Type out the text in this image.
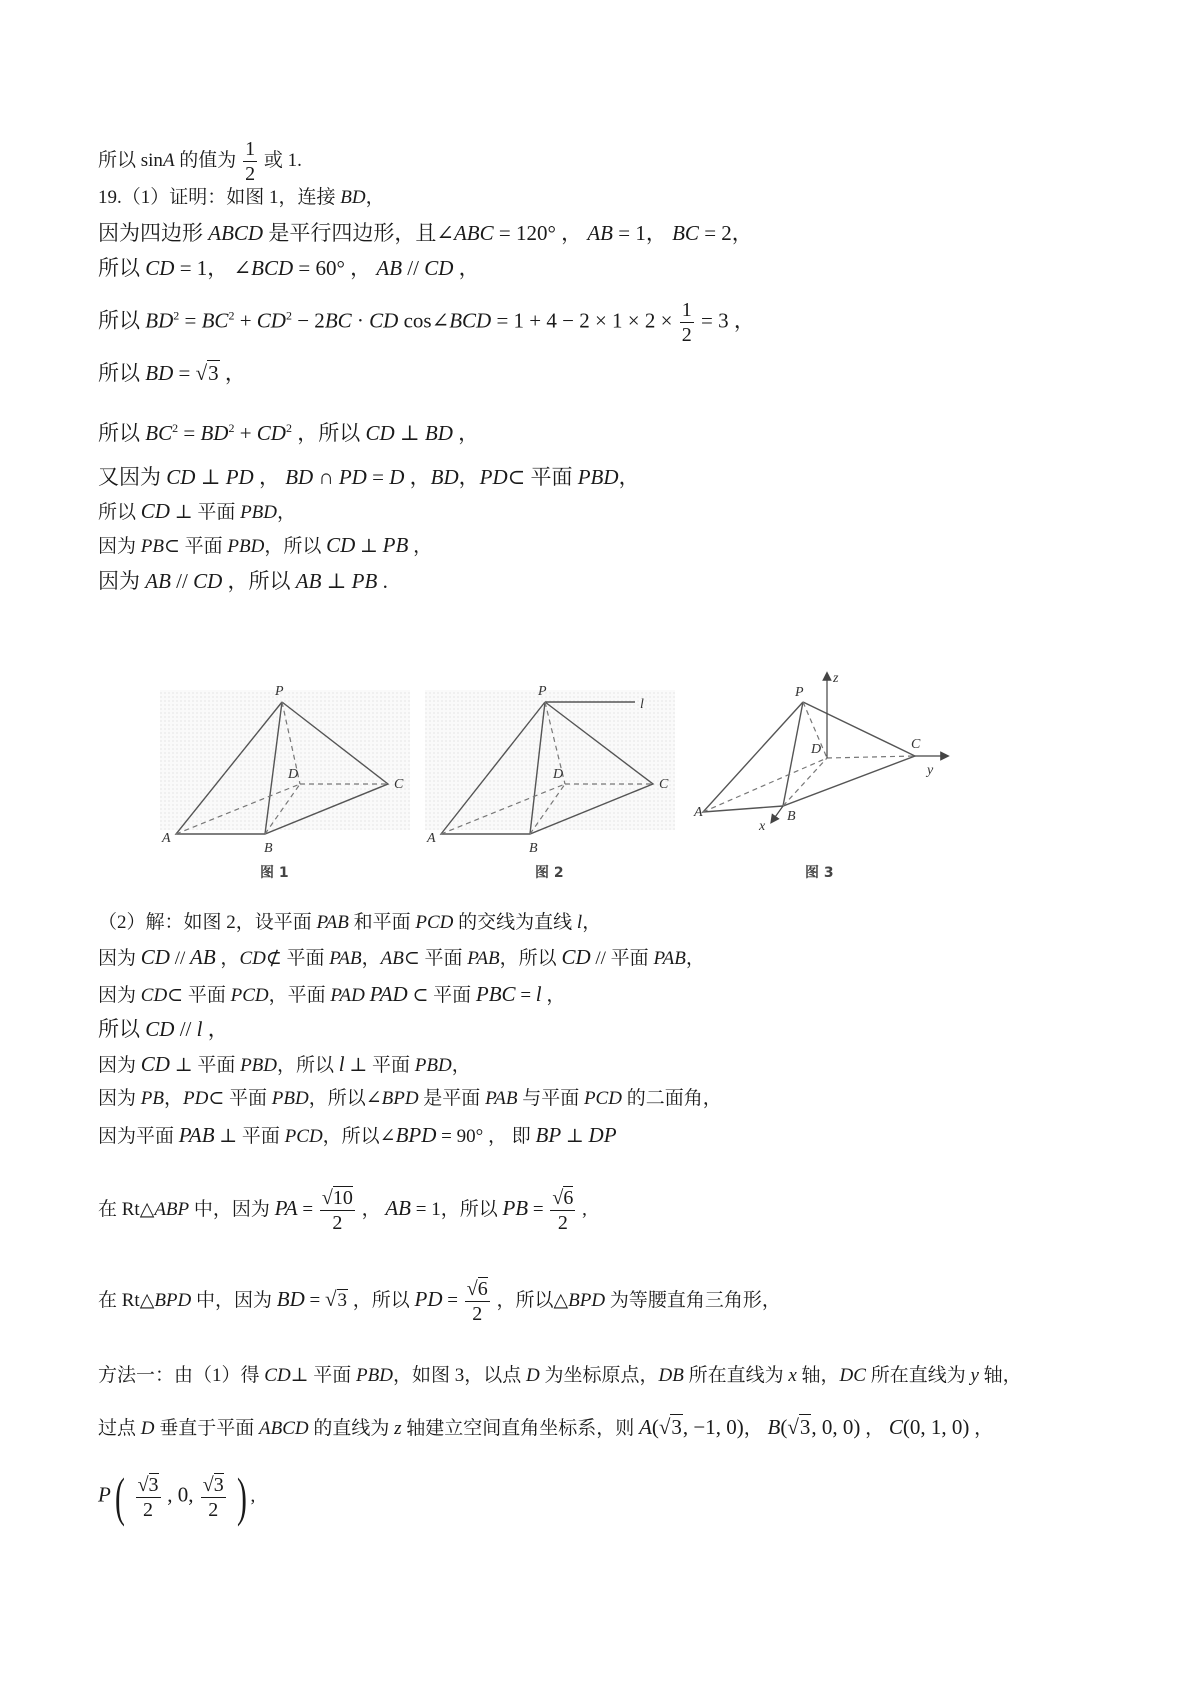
所以 sinA 的值为 $\frac{1}{2}$ 或 1.
19.（1）证明：如图 1，连接 BD，
因为四边形 ABCD 是平行四边形，且∠ABC = 120° ， AB = 1， BC = 2，
所以 CD = 1， ∠BCD = 60° ， AB // CD ，
所以 $BD^2 = BC^2 + CD^2 - 2BC$ · CD cos∠BCD = $1 + 4 - 2 \times 1 \times 2 \times \frac{1}{2} = 3$ ，
所以 BD = √3 ，
所以 $BC^2 = BD^2 + CD^2$ ，所以 CD ⊥ BD ，
又因为 CD ⊥ PD ， BD ∩ PD = D ，BD，PD⊂ 平面 PBD，
所以 CD ⊥ 平面 PBD，
因为 PB⊂ 平面 PBD，所以 CD ⊥ PB ，
因为 AB // CD ，所以 AB ⊥ PB .
P
D
C
A
B
图 1
P
l
D
C
A
B
图 2
P
z
D	C
y
A	B
x
图 3
（2）解：如图 2，设平面 PAB 和平面 PCD 的交线为直线 l，
因为 CD // AB ，CD⊄ 平面 PAB，AB⊂ 平面 PAB，所以 CD // 平面 PAB，
因为 CD⊂ 平面 PCD，平面 PAD PAD ⊂ 平面 PBC = l ，
所以 CD // l ，
因为 CD ⊥ 平面 PBD，所以 l ⊥ 平面 PBD，
因为 PB，PD⊂ 平面 PBD，所以∠BPD 是平面 PAB 与平面 PCD 的二面角，
因为平面 PAB ⊥ 平面 PCD，所以∠BPD = 90° ， 即 BP ⊥ DP
在 Rt△ABP 中，因为 PA = $\frac{√10}{2}$ ， AB = 1，所以 PB = $\frac{√6}{2}$ ,
在 Rt△BPD 中，因为 BD = √3 ，所以 PD = $\frac{√6}{2}$ ，所以△BPD 为等腰直角三角形，
方法一：由（1）得 CD⊥ 平面 PBD，如图 3，以点 D 为坐标原点，DB 所在直线为 x 轴，DC 所在直线为 y 轴，
过点 D 垂直于平面 ABCD 的直线为 z 轴建立空间直角坐标系，则 A(√3, −1, 0)， B(√3, 0, 0) ， C(0, 1, 0) ，
$P( \frac{√3}{2}$ , 0, $\frac{√3}{2}$ ) ,
